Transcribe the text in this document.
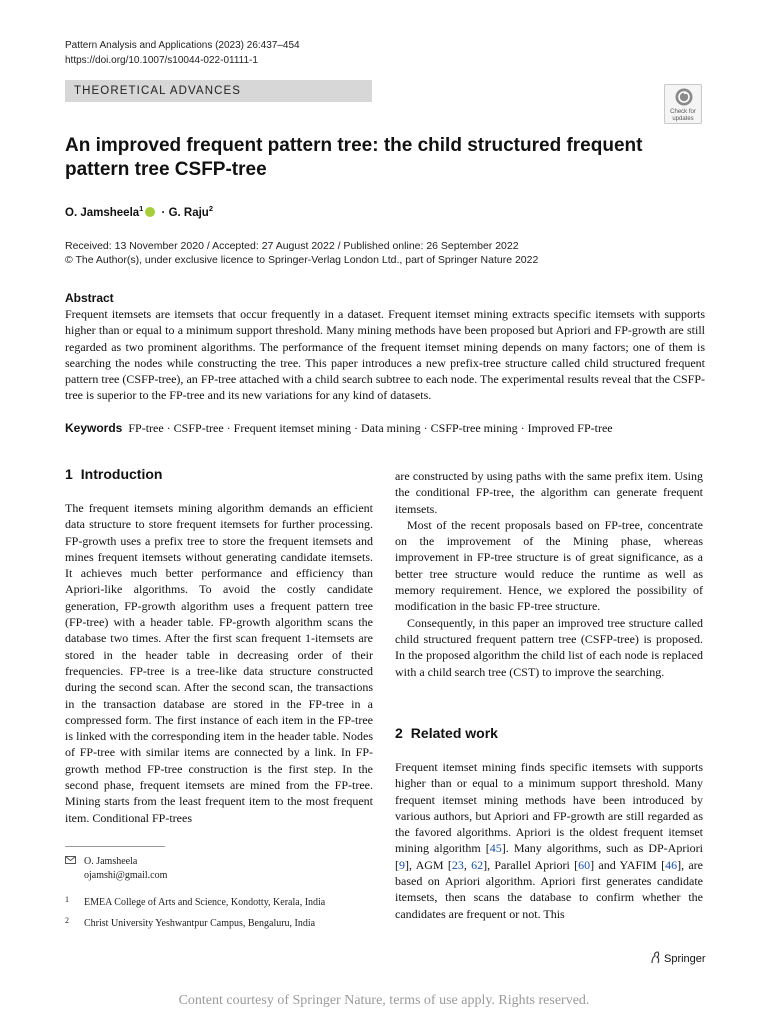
Pattern Analysis and Applications (2023) 26:437–454
https://doi.org/10.1007/s10044-022-01111-1
THEORETICAL ADVANCES
Check for
updates
An improved frequent pattern tree: the child structured frequent pattern tree CSFP-tree
O. Jamsheela$^1$ · G. Raju$^2$
Received: 13 November 2020 / Accepted: 27 August 2022 / Published online: 26 September 2022
© The Author(s), under exclusive licence to Springer-Verlag London Ltd., part of Springer Nature 2022
Abstract

Frequent itemsets are itemsets that occur frequently in a dataset. Frequent itemset mining extracts specific itemsets with supports higher than or equal to a minimum support threshold. Many mining methods have been proposed but Apriori and FP-growth are still regarded as two prominent algorithms. The performance of the frequent itemset mining depends on many factors; one of them is searching the nodes while constructing the tree. This paper introduces a new prefix-tree structure called child structured frequent pattern tree (CSFP-tree), an FP-tree attached with a child search subtree to each node. The experimental results reveal that the CSFP-tree is superior to the FP-tree and its new variations for any kind of datasets.

Keywords FP-tree · CSFP-tree · Frequent itemset mining · Data mining · CSFP-tree mining · Improved FP-tree
1 Introduction

The frequent itemsets mining algorithm demands an efficient data structure to store frequent itemsets for further processing. FP-growth uses a prefix tree to store the frequent itemsets and mines frequent itemsets without generating candidate itemsets. It achieves much better performance and efficiency than Apriori-like algorithms. To avoid the costly candidate generation, FP-growth algorithm uses a frequent pattern tree (FP-tree) with a header table. FP-growth algorithm scans the database two times. After the first scan frequent 1-itemsets are stored in the header table in decreasing order of their frequencies. FP-tree is a tree-like data structure constructed during the second scan. After the second scan, the transactions in the transaction database are stored in the FP-tree in a compressed form. The first instance of each item in the FP-tree is linked with the corresponding item in the header table. Nodes of FP-tree with similar items are connected by a link. In FP-growth method FP-tree construction is the first step. In the second phase, frequent itemsets are mined from the FP-tree. Mining starts from the least frequent item to the most frequent item. Conditional FP-trees

are constructed by using paths with the same prefix item. Using the conditional FP-tree, the algorithm can generate frequent itemsets.

Most of the recent proposals based on FP-tree, concentrate on the improvement of the Mining phase, whereas improvement in FP-tree structure is of great significance, as a better tree structure would reduce the runtime as well as memory requirement. Hence, we explored the possibility of modification in the basic FP-tree structure.

Consequently, in this paper an improved tree structure called child structured frequent pattern tree (CSFP-tree) is proposed. In the proposed algorithm the child list of each node is replaced with a child search tree (CST) to improve the searching.

2 Related work

Frequent itemset mining finds specific itemsets with supports higher than or equal to a minimum support threshold. Many frequent itemset mining methods have been introduced by various authors, but Apriori and FP-growth are still regarded as the favored algorithms. Apriori is the oldest frequent itemset mining algorithm [45]. Many algorithms, such as DP-Apriori [9], AGM [23, 62], Parallel Apriori [60] and YAFIM [46], are based on Apriori algorithm. Apriori first generates candidate itemsets, then scans the database to confirm whether the candidates are frequent or not. This

O. Jamsheela
ojamshi@gmail.com
1 EMEA College of Arts and Science, Kondotty, Kerala, India
2 Christ University Yeshwantpur Campus, Bengaluru, India
Springer
Content courtesy of Springer Nature, terms of use apply. Rights reserved.
